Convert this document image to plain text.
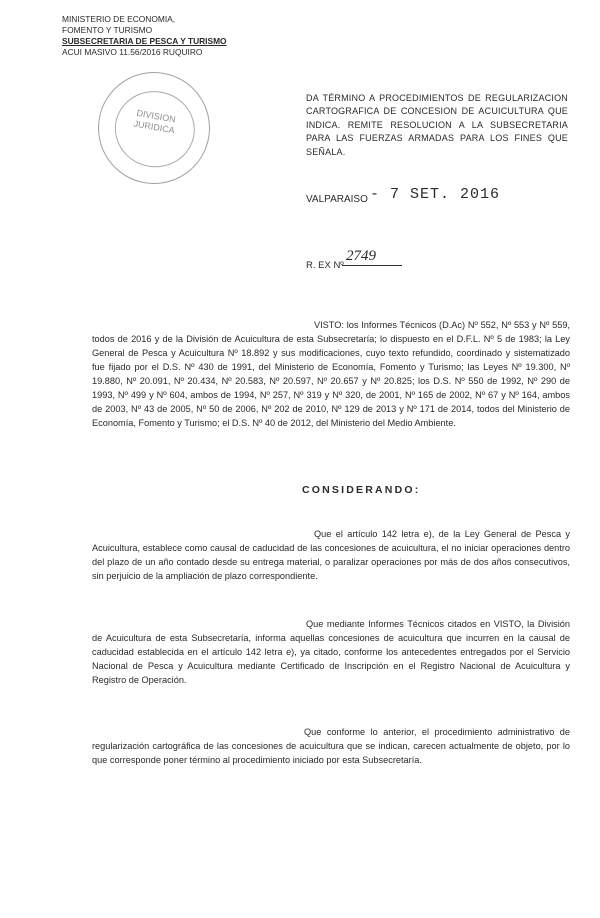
MINISTERIO DE ECONOMIA,
FOMENTO Y TURISMO
SUBSECRETARIA DE PESCA Y TURISMO
ACUI MASIVO 11.56/2016 RUQUIRO
DIVISION JURIDICA
DA TÉRMINO A PROCEDIMIENTOS DE REGULARIZACION CARTOGRAFICA DE CONCESION DE ACUICULTURA QUE INDICA. REMITE RESOLUCION A LA SUBSECRETARIA PARA LAS FUERZAS ARMADAS PARA LOS FINES QUE SEÑALA.
VALPARAISO - 7 SET. 2016
R. EX Nº
2749
VISTO: los Informes Técnicos (D.Ac) Nº 552, Nº 553 y Nº 559, todos de 2016 y de la División de Acuicultura de esta Subsecretaría; lo dispuesto en el D.F.L. Nº 5 de 1983; la Ley General de Pesca y Acuicultura Nº 18.892 y sus modificaciones, cuyo texto refundido, coordinado y sistematizado fue fijado por el D.S. Nº 430 de 1991, del Ministerio de Economía, Fomento y Turismo; las Leyes Nº 19.300, Nº 19.880, Nº 20.091, Nº 20.434, Nº 20.583, Nº 20.597, Nº 20.657 y Nº 20.825; los D.S. Nº 550 de 1992, Nº 290 de 1993, Nº 499 y Nº 604, ambos de 1994, Nº 257, Nº 319 y Nº 320, de 2001, Nº 165 de 2002, Nº 67 y Nº 164, ambos de 2003, Nº 43 de 2005, Nº 50 de 2006, Nº 202 de 2010, Nº 129 de 2013 y Nº 171 de 2014, todos del Ministerio de Economía, Fomento y Turismo; el D.S. Nº 40 de 2012, del Ministerio del Medio Ambiente.
CONSIDERANDO:
Que el artículo 142 letra e), de la Ley General de Pesca y Acuicultura, establece como causal de caducidad de las concesiones de acuicultura, el no iniciar operaciones dentro del plazo de un año contado desde su entrega material, o paralizar operaciones por más de dos años consecutivos, sin perjuicio de la ampliación de plazo correspondiente.
Que mediante Informes Técnicos citados en VISTO, la División de Acuicultura de esta Subsecretaría, informa aquellas concesiones de acuicultura que incurren en la causal de caducidad establecida en el artículo 142 letra e), ya citado, conforme los antecedentes entregados por el Servicio Nacional de Pesca y Acuicultura mediante Certificado de Inscripción en el Registro Nacional de Acuicultura y Registro de Operación.
Que conforme lo anterior, el procedimiento administrativo de regularización cartográfica de las concesiones de acuicultura que se indican, carecen actualmente de objeto, por lo que corresponde poner término al procedimiento iniciado por esta Subsecretaría.
